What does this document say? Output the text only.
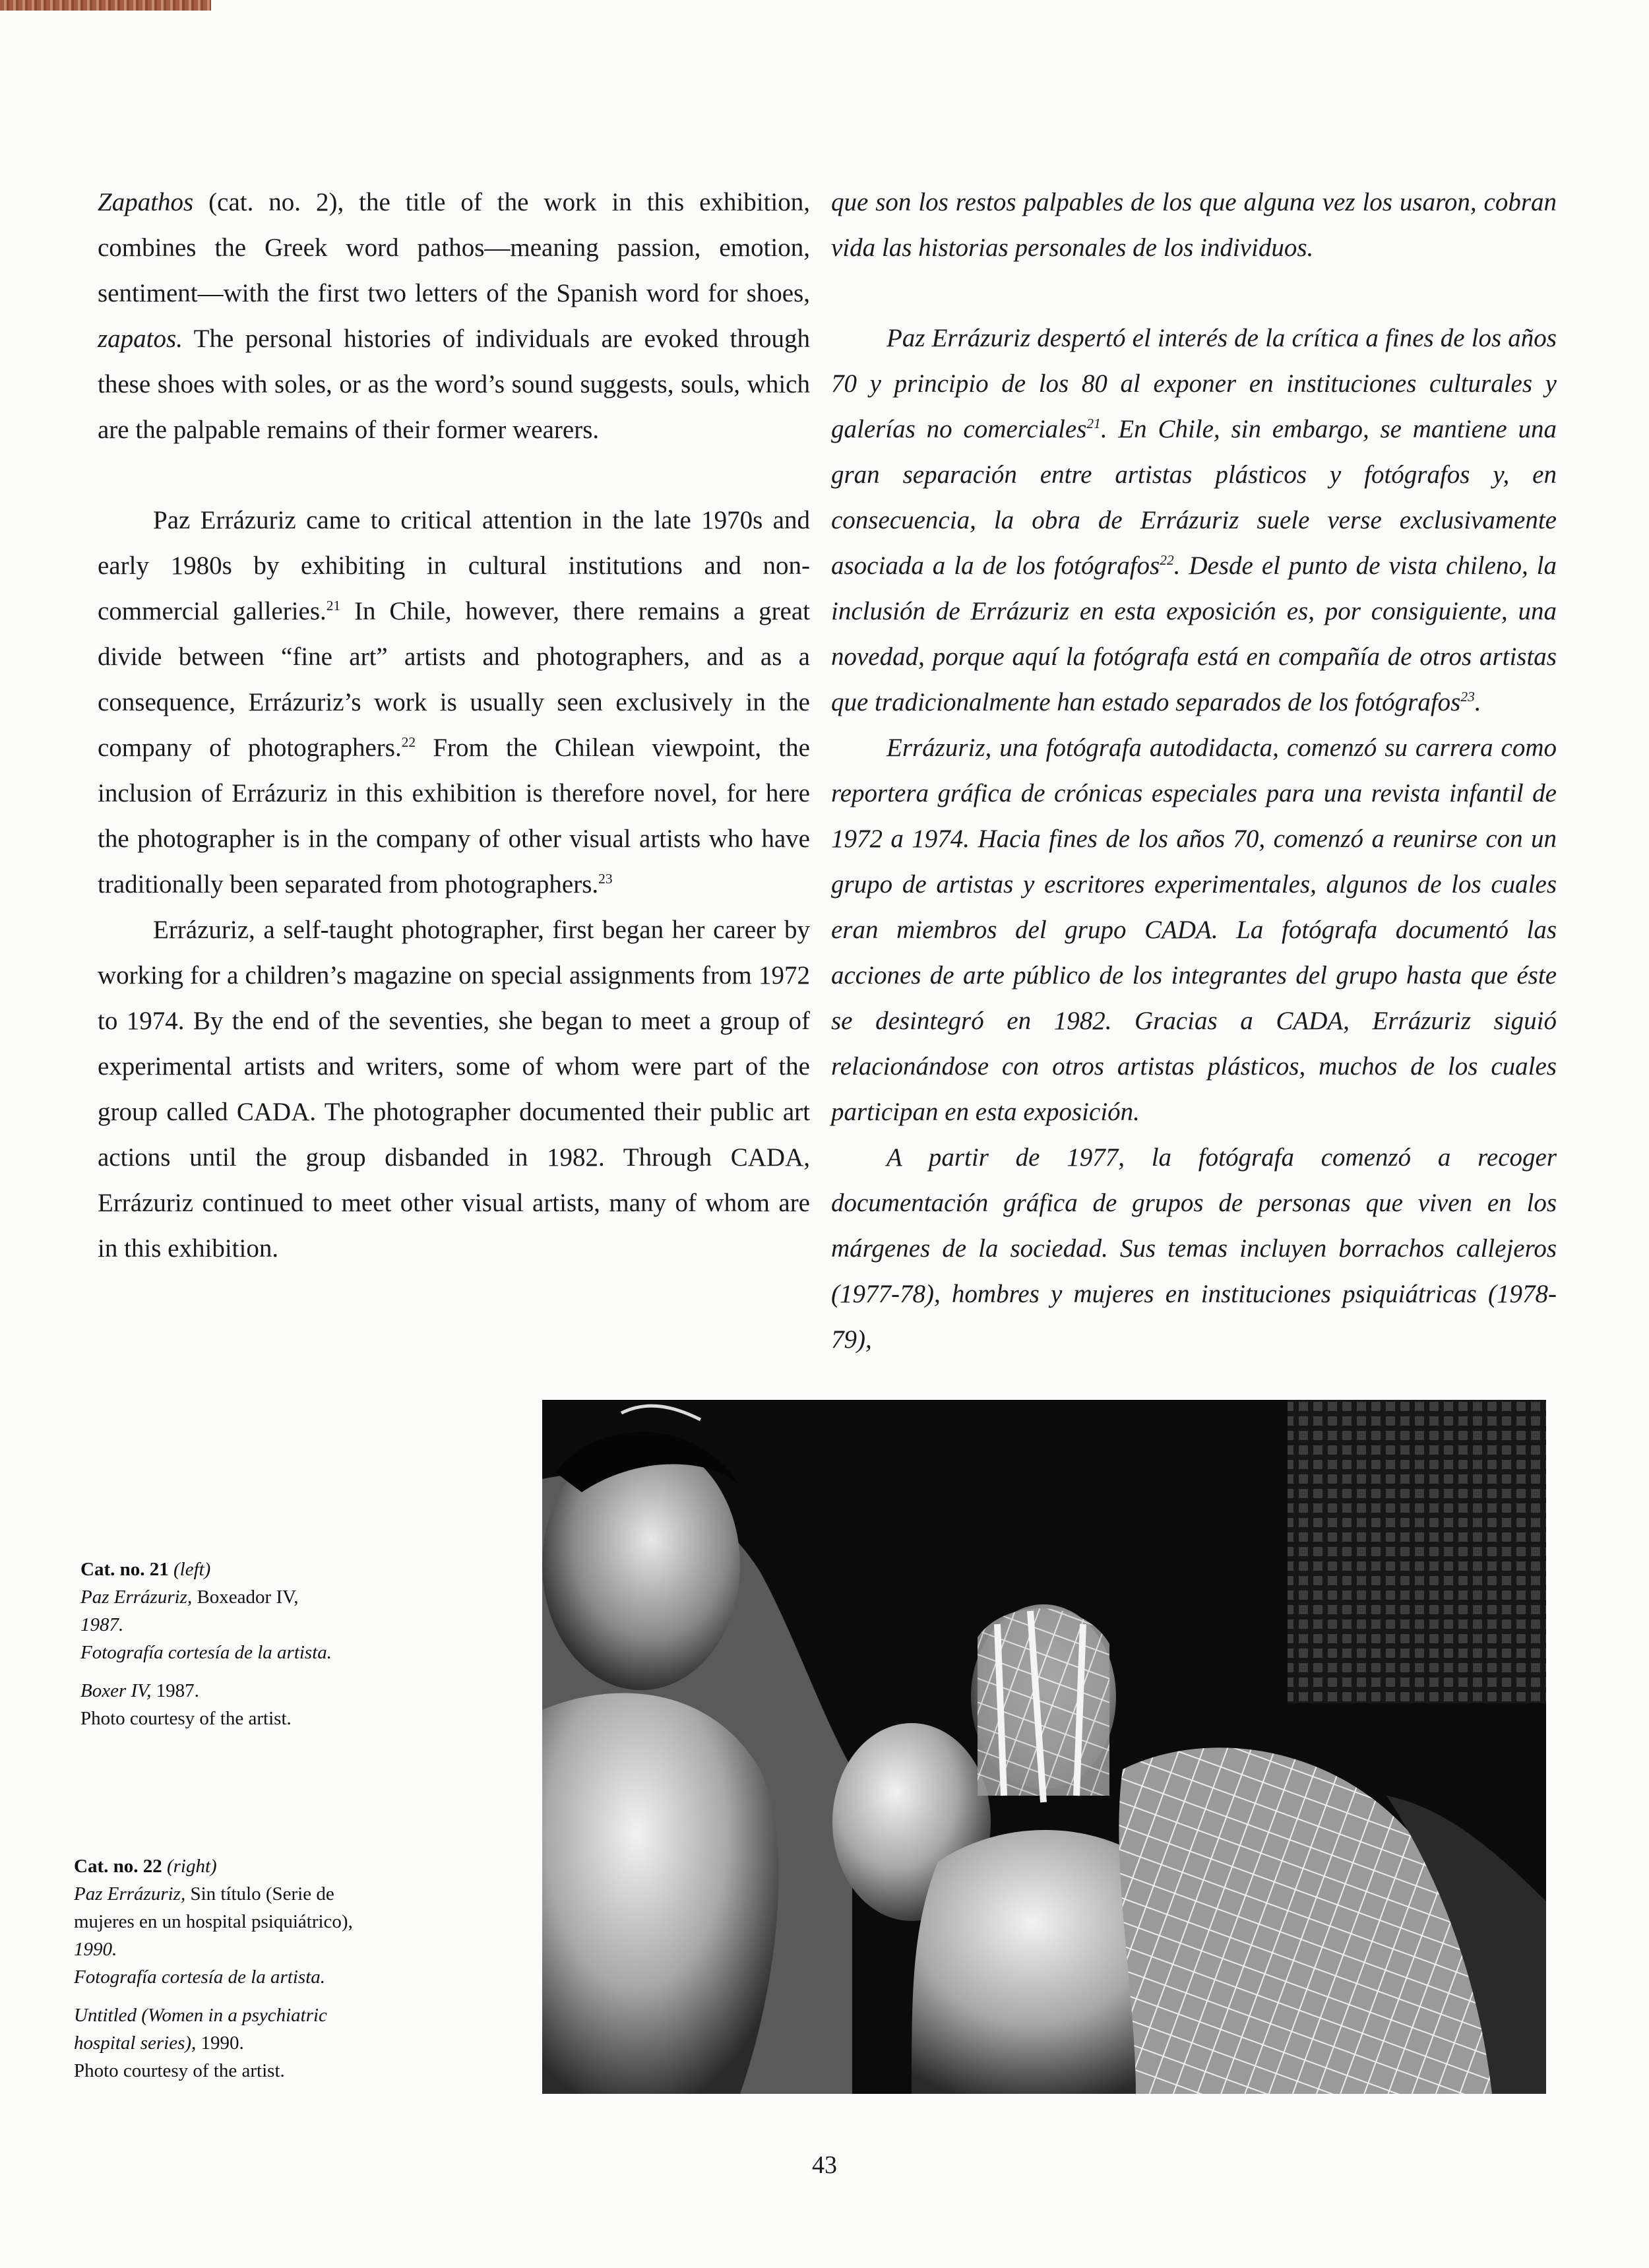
Zapathos (cat. no. 2), the title of the work in this exhibition, combines the Greek word pathos—meaning passion, emotion, sentiment—with the first two letters of the Spanish word for shoes, zapatos. The personal histories of individuals are evoked through these shoes with soles, or as the word’s sound suggests, souls, which are the palpable remains of their former wearers.

Paz Errázuriz came to critical attention in the late 1970s and early 1980s by exhibiting in cultural institutions and non-commercial galleries.$^{21}$ In Chile, however, there remains a great divide between “fine art” artists and photographers, and as a consequence, Errázuriz’s work is usually seen exclusively in the company of photographers.$^{22}$ From the Chilean viewpoint, the inclusion of Errázuriz in this exhibition is therefore novel, for here the photographer is in the company of other visual artists who have traditionally been separated from photographers.$^{23}$

Errázuriz, a self-taught photographer, first began her career by working for a children’s magazine on special assignments from 1972 to 1974. By the end of the seventies, she began to meet a group of experimental artists and writers, some of whom were part of the group called CADA. The photographer documented their public art actions until the group disbanded in 1982. Through CADA, Errázuriz continued to meet other visual artists, many of whom are in this exhibition.

que son los restos palpables de los que alguna vez los usaron, cobran vida las historias personales de los individuos.

Paz Errázuriz despertó el interés de la crítica a fines de los años 70 y principio de los 80 al exponer en instituciones culturales y galerías no comerciales$^{21}$. En Chile, sin embargo, se mantiene una gran separación entre artistas plásticos y fotógrafos y, en consecuencia, la obra de Errázuriz suele verse exclusivamente asociada a la de los fotógrafos$^{22}$. Desde el punto de vista chileno, la inclusión de Errázuriz en esta exposición es, por consiguiente, una novedad, porque aquí la fotógrafa está en compañía de otros artistas que tradicionalmente han estado separados de los fotógrafos$^{23}$.

Errázuriz, una fotógrafa autodidacta, comenzó su carrera como reportera gráfica de crónicas especiales para una revista infantil de 1972 a 1974. Hacia fines de los años 70, comenzó a reunirse con un grupo de artistas y escritores experimentales, algunos de los cuales eran miembros del grupo CADA. La fotógrafa documentó las acciones de arte público de los integrantes del grupo hasta que éste se desintegró en 1982. Gracias a CADA, Errázuriz siguió relacionándose con otros artistas plásticos, muchos de los cuales participan en esta exposición.

A partir de 1977, la fotógrafa comenzó a recoger documentación gráfica de grupos de personas que viven en los márgenes de la sociedad. Sus temas incluyen borrachos callejeros (1977-78), hombres y mujeres en instituciones psiquiátricas (1978-79),

Cat. no. 21 (left)
Paz Errázuriz, Boxeador IV,
1987.
Fotografía cortesía de la artista.
Boxer IV, 1987.
Photo courtesy of the artist.
Cat. no. 22 (right)
Paz Errázuriz, Sin título (Serie de mujeres en un hospital psiquiátrico), 1990.
Fotografía cortesía de la artista.
Untitled (Women in a psychiatric hospital series), 1990.
Photo courtesy of the artist.
43
